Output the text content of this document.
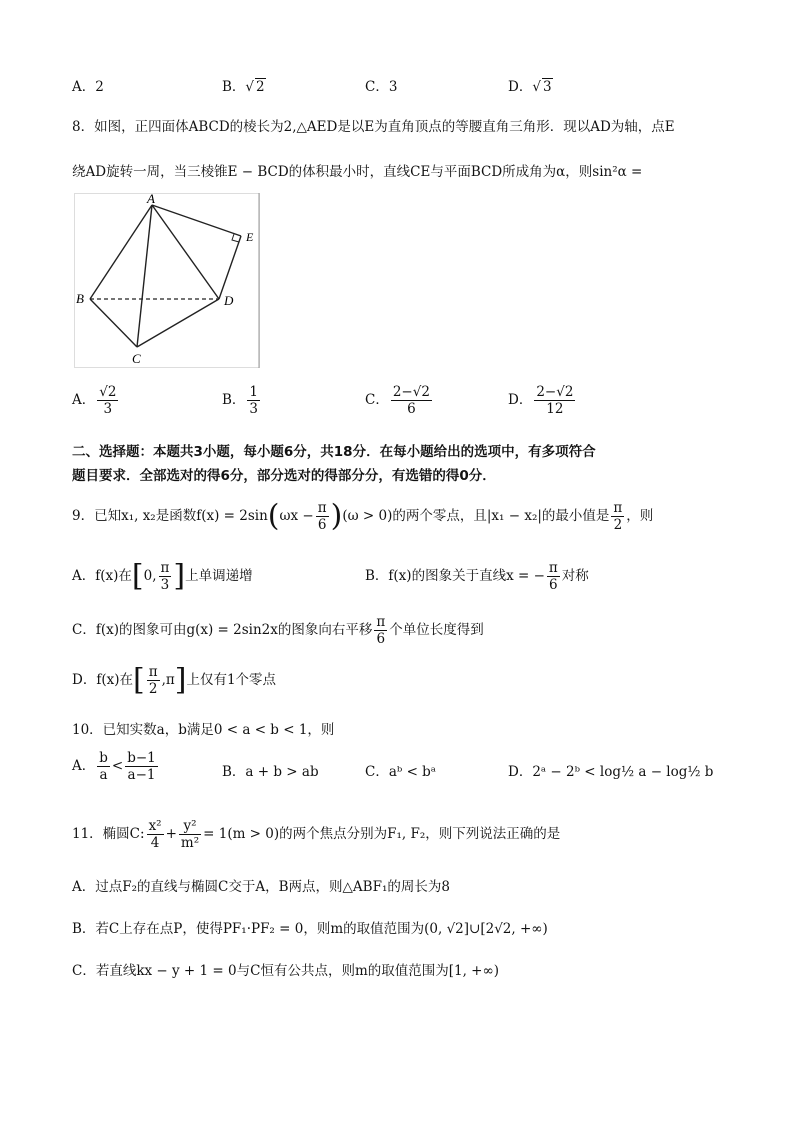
A．2	B．√ 2	C．3	D．√ 3
8．如图，正四面体ABCD的棱长为2,△AED是以E为直角顶点的等腰直角三角形．现以AD为轴，点E
绕AD旋转一周，当三棱锥E − BCD的体积最小时，直线CE与平面BCD所成角为α，则sin²α =
A
B
C
D
E
A． $\frac{√2}{3}$	B． $\frac{1}{3}$	C． $\frac{2-√2}{6}$	D． $\frac{2-√2}{12}$
二、选择题：本题共3小题，每小题6分，共18分．在每小题给出的选项中，有多项符合
题目要求．全部选对的得6分，部分选对的得部分分，有选错的得0分．
9．已知x₁, x₂是函数$f(x) = 2\sin(\omega x - \frac{\pi}{6} )(\omega > 0)$的两个零点，且|x₁ − x₂|的最小值是 $\frac{\pi}{2}$ ，则
A．f(x)在[0, $\frac{\pi}{3}$ ]上单调递增	B．f(x)的图象关于直线x = − $\frac{\pi}{6}$ 对称
C．f(x)的图象可由g(x) = 2sin2x的图象向右平移 $\frac{\pi}{6}$ 个单位长度得到
D．f(x)在[ $\frac{\pi}{2} ,\pi$]上仅有1个零点
10．已知实数a，b满足0 < a < b < 1，则
A． $\frac{b}{a} < \frac{b-1}{a-1}$	B．a + b > ab	C．aᵇ < bᵃ	D．2ᵃ − 2ᵇ < log½ a − log½ b
11．椭圆C: $\frac{\text{x²}}{4} + \frac{\text{y²}}{\text{m²}} = 1(m > 0)$的两个焦点分别为F₁, F₂，则下列说法正确的是
A．过点F₂的直线与椭圆C交于A，B两点，则△ABF₁的周长为8
B．若C上存在点P，使得PF₁·PF₂ = 0，则m的取值范围为(0, √2]∪[2√2, +∞)
C．若直线kx − y + 1 = 0与C恒有公共点，则m的取值范围为[1, +∞)
